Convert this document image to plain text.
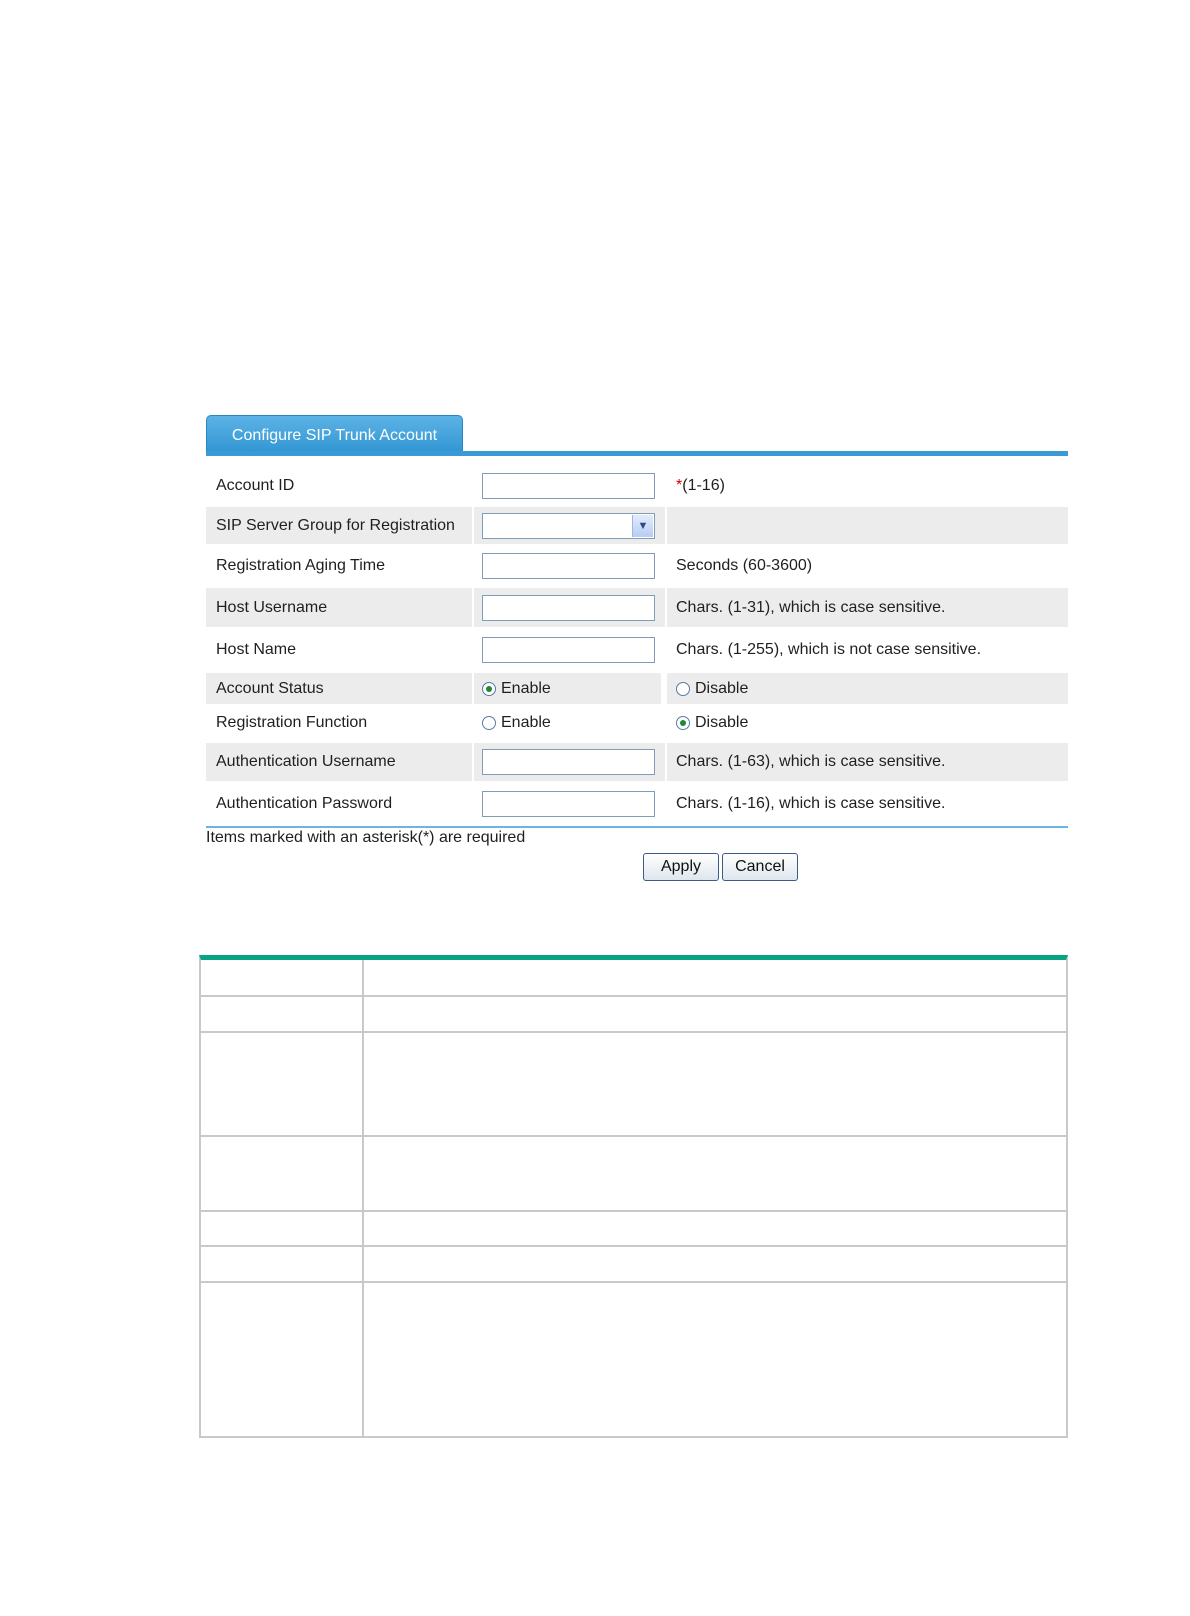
Configure SIP Trunk Account
Account ID	* (1-16)
SIP Server Group for Registration	▼
Registration Aging Time	Seconds (60-3600)
Host Username	Chars. (1-31), which is case sensitive.
Host Name	Chars. (1-255), which is not case sensitive.
Account Status	Enable	Disable
Registration Function	Enable	Disable
Authentication Username	Chars. (1-63), which is case sensitive.
Authentication Password	Chars. (1-16), which is case sensitive.
Items marked with an asterisk(*) are required
Apply	Cancel
